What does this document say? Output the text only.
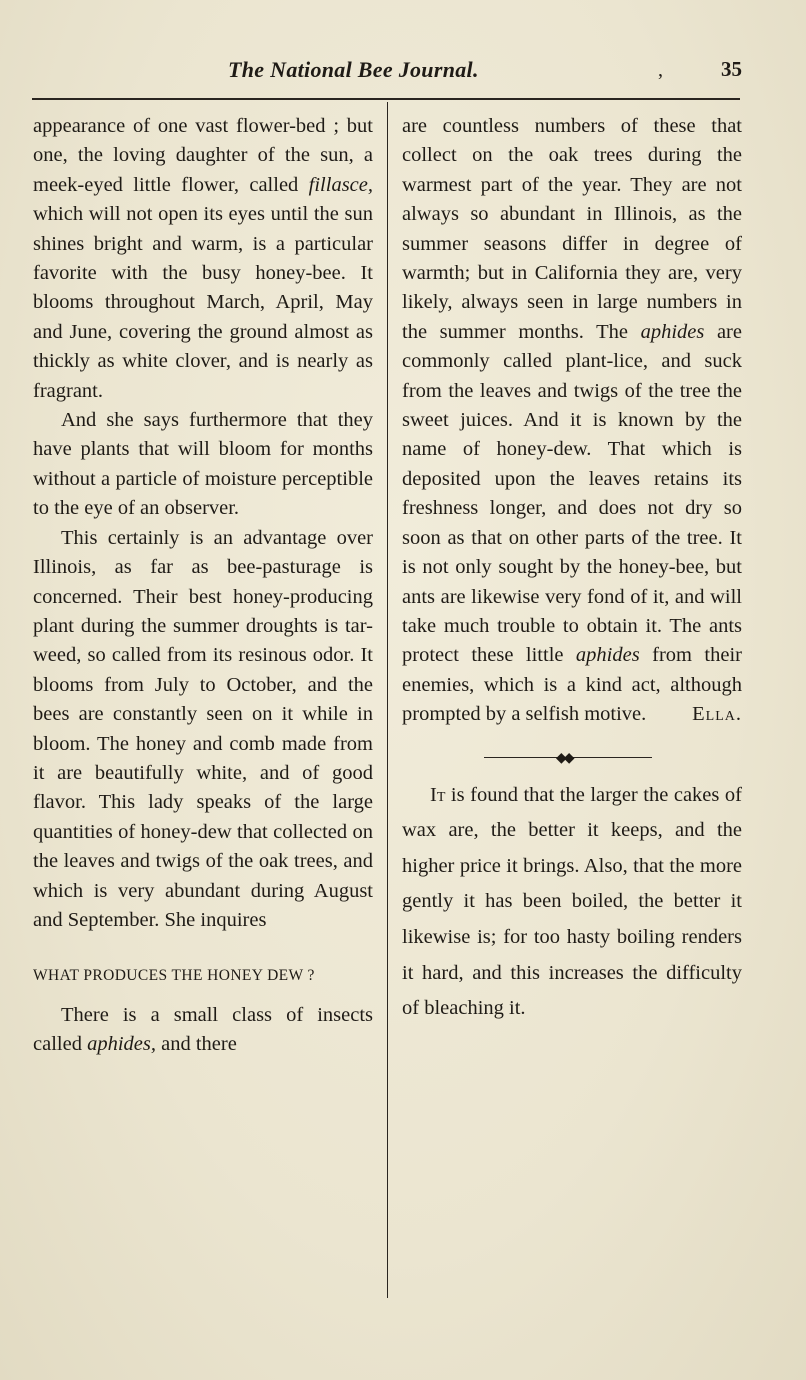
The National Bee Journal.	,	35

appearance of one vast flower-bed ; but one, the loving daughter of the sun, a meek-eyed little flower, called fillasce, which will not open its eyes until the sun shines bright and warm, is a particular favorite with the busy honey-bee. It blooms throughout March, April, May and June, covering the ground almost as thickly as white clover, and is nearly as fragrant.

And she says furthermore that they have plants that will bloom for months without a particle of moisture perceptible to the eye of an observer.

This certainly is an advantage over Illinois, as far as bee-pasturage is concerned. Their best honey-producing plant during the summer droughts is tar-weed, so called from its resinous odor. It blooms from July to October, and the bees are constantly seen on it while in bloom. The honey and comb made from it are beautifully white, and of good flavor. This lady speaks of the large quantities of honey-dew that collected on the leaves and twigs of the oak trees, and which is very abundant during August and September. She inquires

WHAT PRODUCES THE HONEY DEW ?

There is a small class of insects called aphides, and there

are countless numbers of these that collect on the oak trees during the warmest part of the year. They are not always so abundant in Illinois, as the summer seasons differ in degree of warmth; but in California they are, very likely, always seen in large numbers in the summer months. The aphides are commonly called plant-lice, and suck from the leaves and twigs of the tree the sweet juices. And it is known by the name of honey-dew. That which is deposited upon the leaves retains its freshness longer, and does not dry so soon as that on other parts of the tree. It is not only sought by the honey-bee, but ants are likewise very fond of it, and will take much trouble to obtain it. The ants protect these little aphides from their enemies, which is a kind act, although prompted by a selfish motive. Ella.

◆◆

It is found that the larger the cakes of wax are, the better it keeps, and the higher price it brings. Also, that the more gently it has been boiled, the better it likewise is; for too hasty boiling renders it hard, and this increases the difficulty of bleaching it.
